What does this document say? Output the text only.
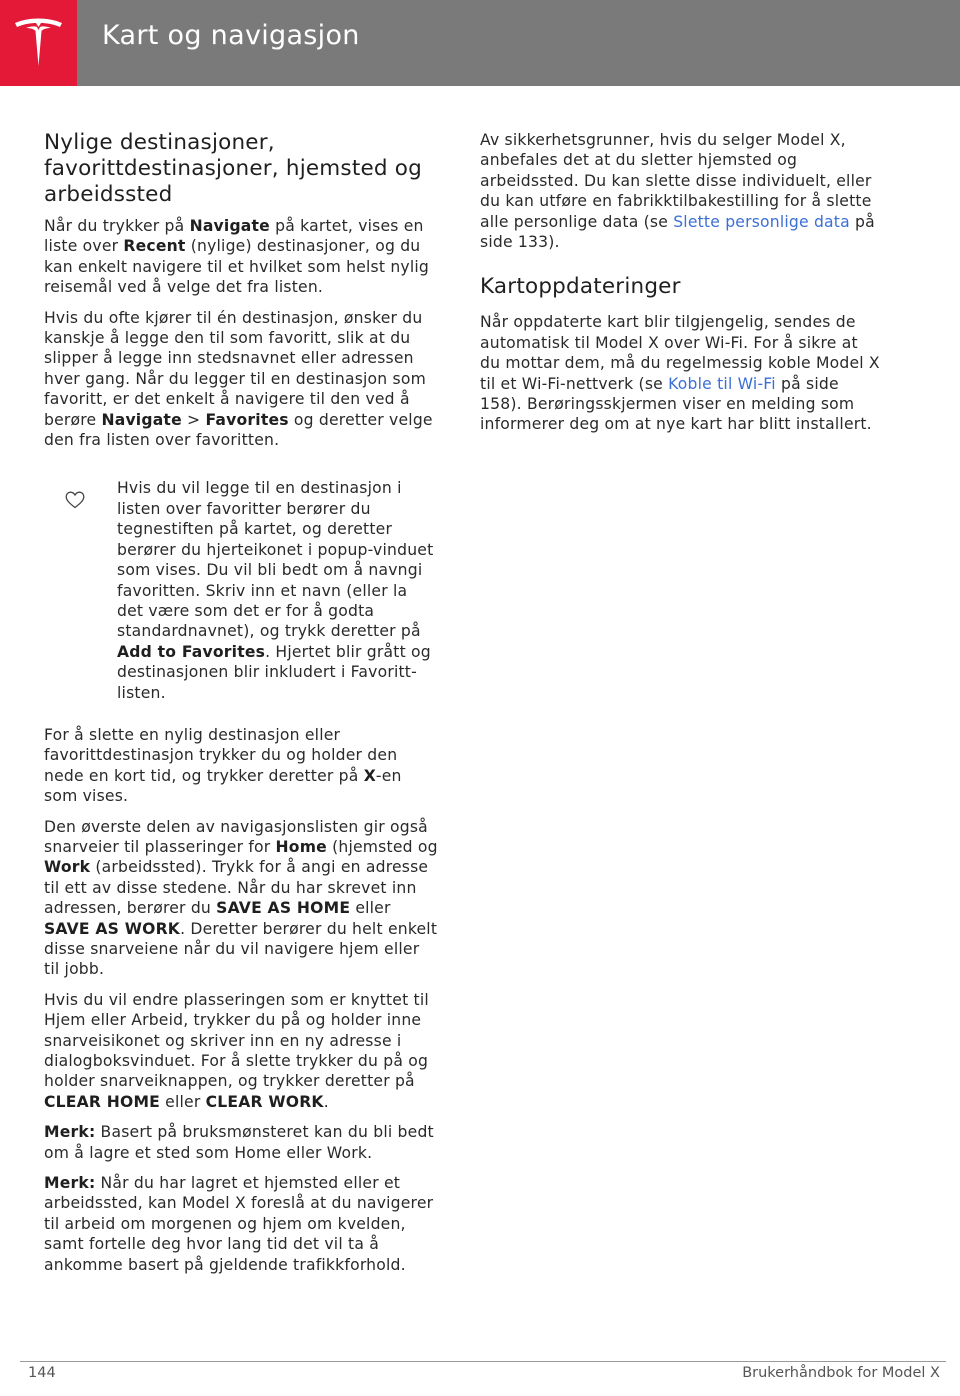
Kart og navigasjon
Nylige destinasjoner, favorittdestinasjoner, hjemsted og arbeidssted

Når du trykker på Navigate på kartet, vises en liste over Recent (nylige) destinasjoner, og du kan enkelt navigere til et hvilket som helst nylig reisemål ved å velge det fra listen.

Hvis du ofte kjører til én destinasjon, ønsker du kanskje å legge den til som favoritt, slik at du slipper å legge inn stedsnavnet eller adressen hver gang. Når du legger til en destinasjon som favoritt, er det enkelt å navigere til den ved å berøre Navigate > Favorites og deretter velge den fra listen over favoritten.

Hvis du vil legge til en destinasjon i listen over favoritter berører du tegnestiften på kartet, og deretter berører du hjerteikonet i popup-vinduet som vises. Du vil bli bedt om å navngi favoritten. Skriv inn et navn (eller la det være som det er for å godta standardnavnet), og trykk deretter på Add to Favorites. Hjertet blir grått og destinasjonen blir inkludert i Favoritt-listen.

For å slette en nylig destinasjon eller favorittdestinasjon trykker du og holder den nede en kort tid, og trykker deretter på X-en som vises.

Den øverste delen av navigasjonslisten gir også snarveier til plasseringer for Home (hjemsted og Work (arbeidssted). Trykk for å angi en adresse til ett av disse stedene. Når du har skrevet inn adressen, berører du SAVE AS HOME eller SAVE AS WORK. Deretter berører du helt enkelt disse snarveiene når du vil navigere hjem eller til jobb.

Hvis du vil endre plasseringen som er knyttet til Hjem eller Arbeid, trykker du på og holder inne snarveisikonet og skriver inn en ny adresse i dialogboksvinduet. For å slette trykker du på og holder snarveiknappen, og trykker deretter på CLEAR HOME eller CLEAR WORK.

Merk: Basert på bruksmønsteret kan du bli bedt om å lagre et sted som Home eller Work.

Merk: Når du har lagret et hjemsted eller et arbeidssted, kan Model X foreslå at du navigerer til arbeid om morgenen og hjem om kvelden, samt fortelle deg hvor lang tid det vil ta å ankomme basert på gjeldende trafikkforhold.

Av sikkerhetsgrunner, hvis du selger Model X, anbefales det at du sletter hjemsted og arbeidssted. Du kan slette disse individuelt, eller du kan utføre en fabrikktilbakestilling for å slette alle personlige data (se Slette personlige data på side 133).

Kartoppdateringer

Når oppdaterte kart blir tilgjengelig, sendes de automatisk til Model X over Wi-Fi. For å sikre at du mottar dem, må du regelmessig koble Model X til et Wi-Fi-nettverk (se Koble til Wi-Fi på side 158). Berøringsskjermen viser en melding som informerer deg om at nye kart har blitt installert.

144	Brukerhåndbok for Model X
